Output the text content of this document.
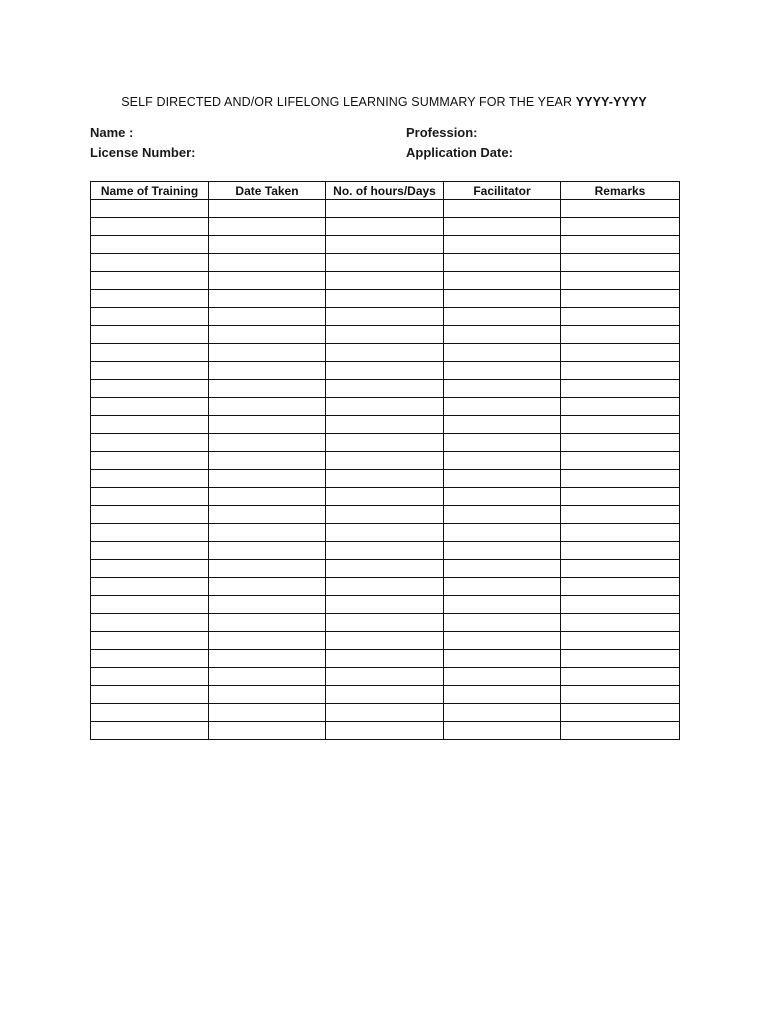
SELF DIRECTED AND/OR LIFELONG LEARNING SUMMARY FOR THE YEAR YYYY-YYYY
Name :
License Number:
Profession:
Application Date:
Name of Training	Date Taken	No. of hours/Days	Facilitator	Remarks
